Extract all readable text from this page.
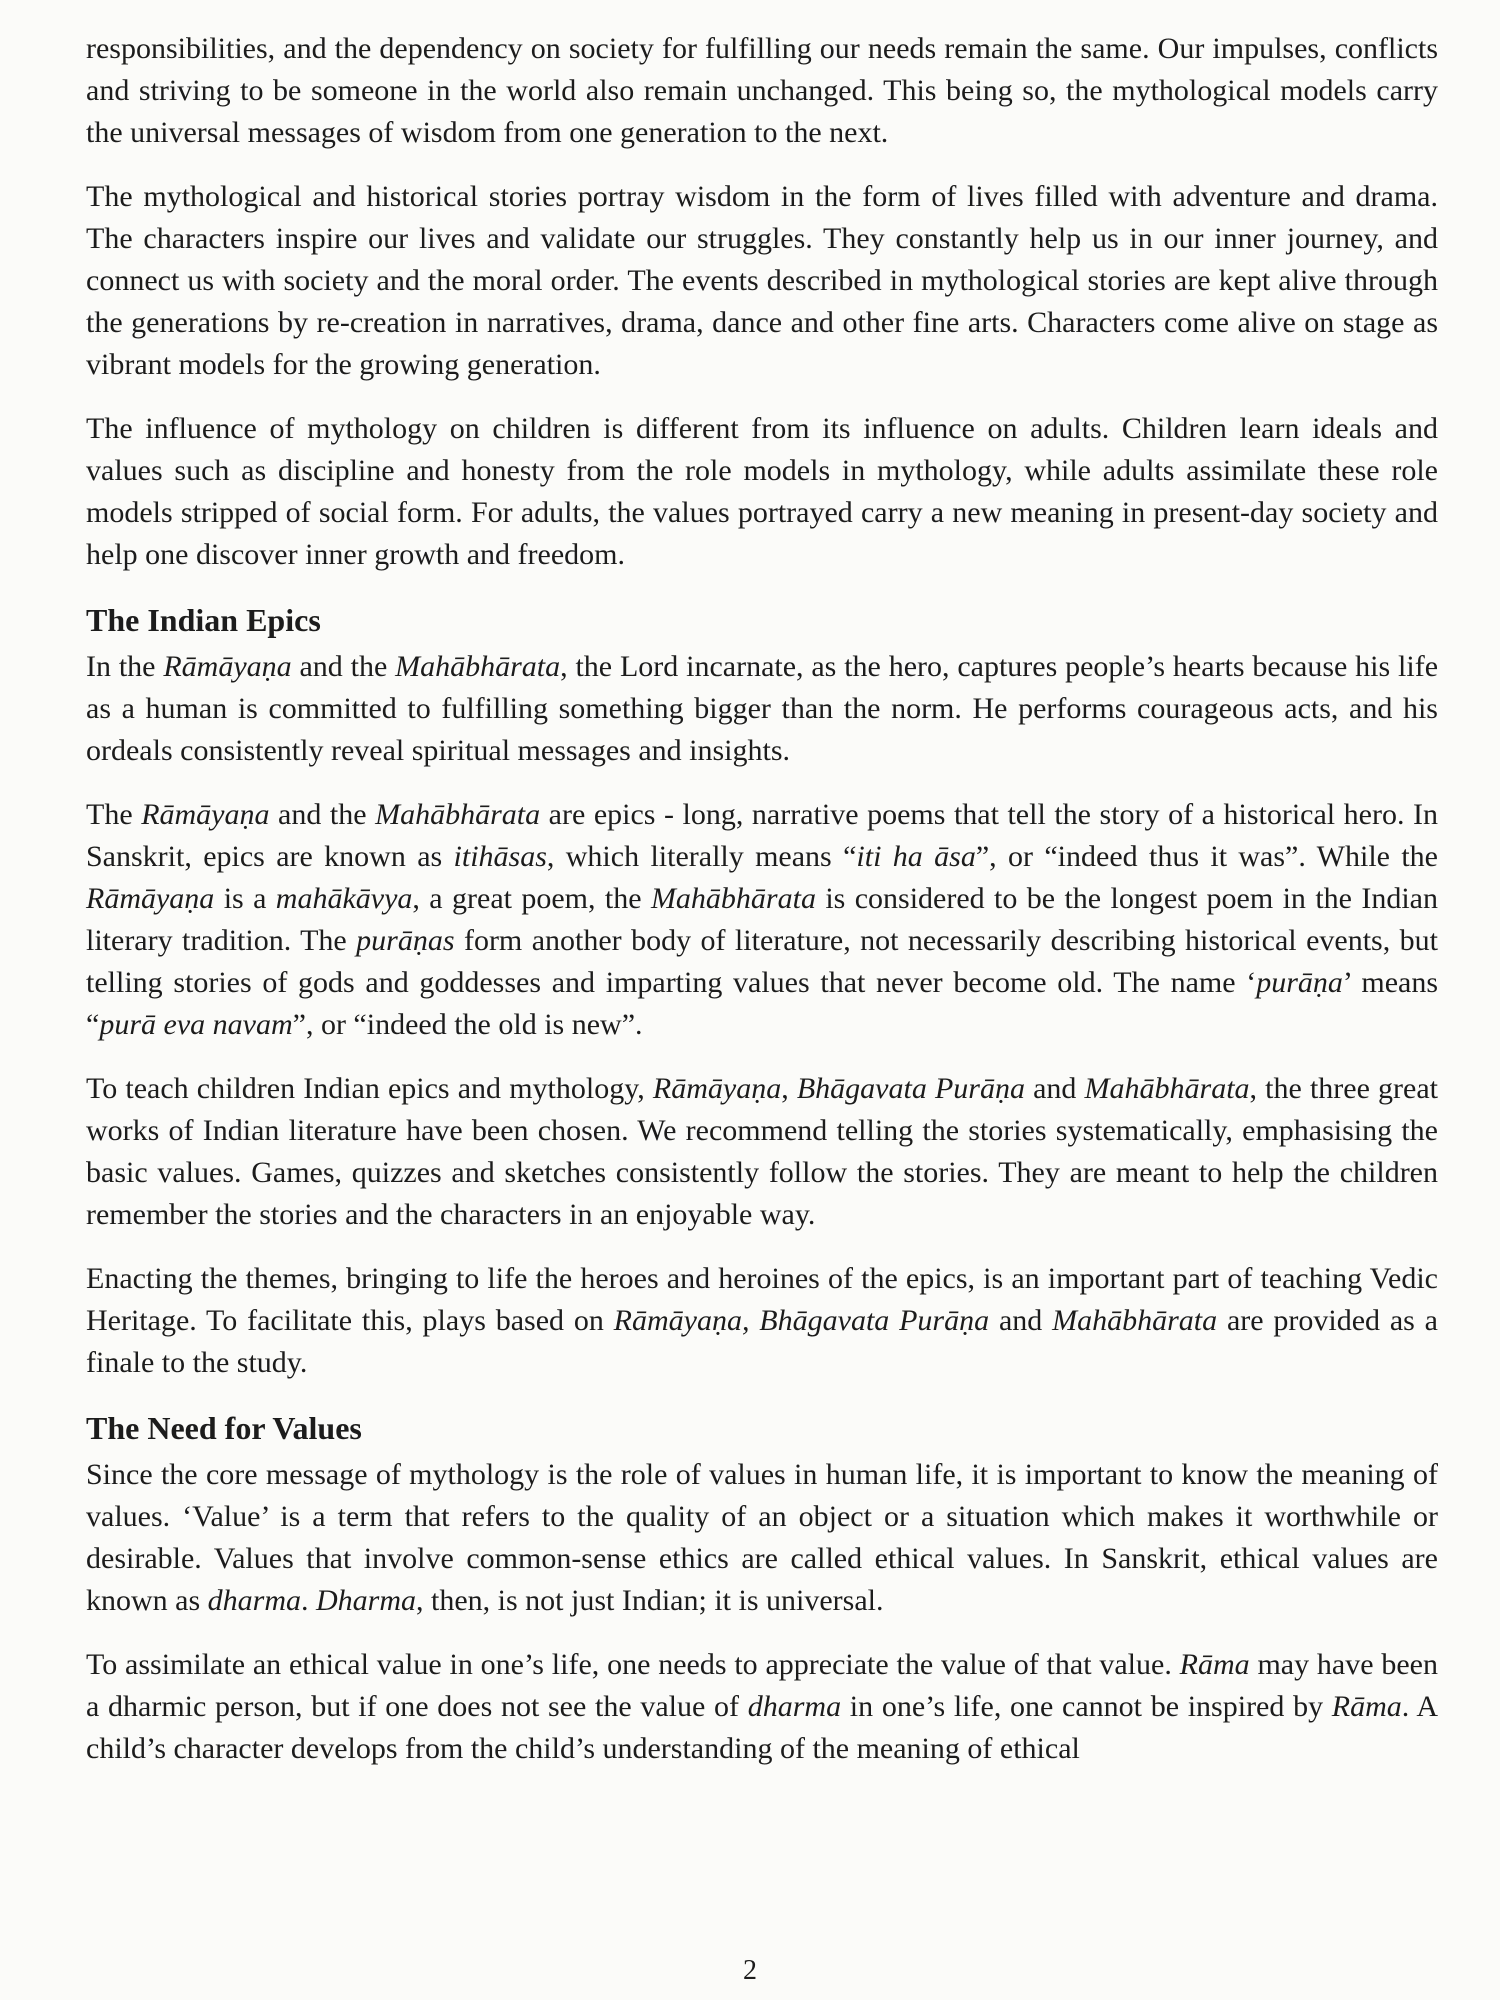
responsibilities, and the dependency on society for fulfilling our needs remain the same. Our impulses, conflicts and striving to be someone in the world also remain unchanged. This being so, the mythological models carry the universal messages of wisdom from one generation to the next.

The mythological and historical stories portray wisdom in the form of lives filled with adventure and drama. The characters inspire our lives and validate our struggles. They constantly help us in our inner journey, and connect us with society and the moral order. The events described in mythological stories are kept alive through the generations by re-creation in narratives, drama, dance and other fine arts. Characters come alive on stage as vibrant models for the growing generation.

The influence of mythology on children is different from its influence on adults. Children learn ideals and values such as discipline and honesty from the role models in mythology, while adults assimilate these role models stripped of social form. For adults, the values portrayed carry a new meaning in present-day society and help one discover inner growth and freedom.

The Indian Epics

In the Rāmāyaṇa and the Mahābhārata, the Lord incarnate, as the hero, captures people’s hearts because his life as a human is committed to fulfilling something bigger than the norm. He performs courageous acts, and his ordeals consistently reveal spiritual messages and insights.

The Rāmāyaṇa and the Mahābhārata are epics - long, narrative poems that tell the story of a historical hero. In Sanskrit, epics are known as itihāsas, which literally means “iti ha āsa”, or “indeed thus it was”. While the Rāmāyaṇa is a mahākāvya, a great poem, the Mahābhārata is considered to be the longest poem in the Indian literary tradition. The purāṇas form another body of literature, not necessarily describing historical events, but telling stories of gods and goddesses and imparting values that never become old. The name ‘purāṇa’ means “purā eva navam”, or “indeed the old is new”.

To teach children Indian epics and mythology, Rāmāyaṇa, Bhāgavata Purāṇa and Mahābhārata, the three great works of Indian literature have been chosen. We recommend telling the stories systematically, emphasising the basic values. Games, quizzes and sketches consistently follow the stories. They are meant to help the children remember the stories and the characters in an enjoyable way.

Enacting the themes, bringing to life the heroes and heroines of the epics, is an important part of teaching Vedic Heritage. To facilitate this, plays based on Rāmāyaṇa, Bhāgavata Purāṇa and Mahābhārata are provided as a finale to the study.

The Need for Values

Since the core message of mythology is the role of values in human life, it is important to know the meaning of values. ‘Value’ is a term that refers to the quality of an object or a situation which makes it worthwhile or desirable. Values that involve common-sense ethics are called ethical values. In Sanskrit, ethical values are known as dharma. Dharma, then, is not just Indian; it is universal.

To assimilate an ethical value in one’s life, one needs to appreciate the value of that value. Rāma may have been a dharmic person, but if one does not see the value of dharma in one’s life, one cannot be inspired by Rāma. A child’s character develops from the child’s understanding of the meaning of ethical

2
